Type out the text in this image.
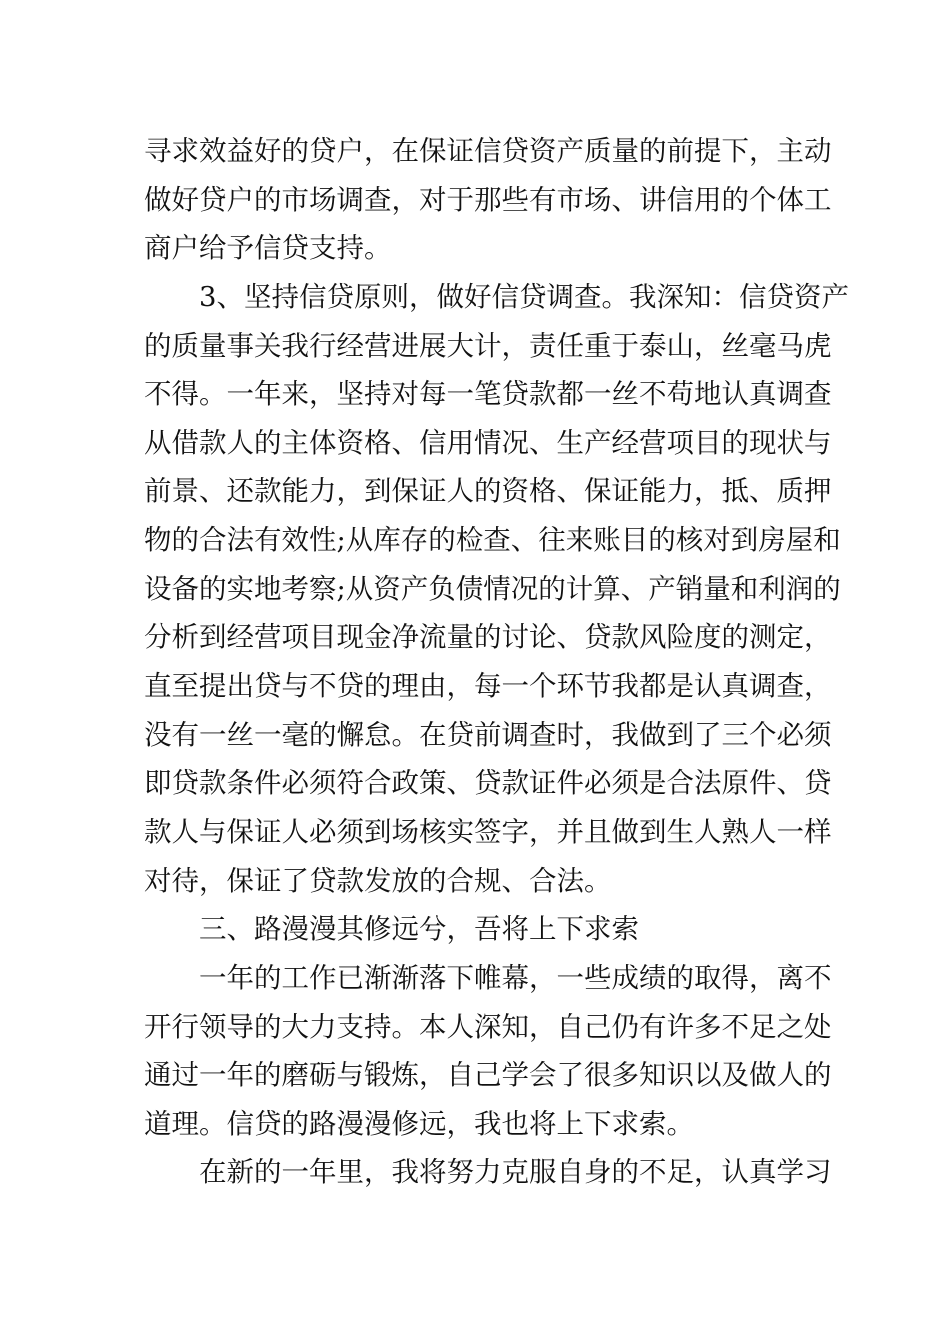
寻求效益好的贷户，在保证信贷资产质量的前提下，主动
做好贷户的市场调查，对于那些有市场、讲信用的个体工
商户给予信贷支持。
3、坚持信贷原则，做好信贷调查。我深知：信贷资产
的质量事关我行经营进展大计，责任重于泰山，丝毫马虎
不得。一年来，坚持对每一笔贷款都一丝不苟地认真调查
从借款人的主体资格、信用情况、生产经营项目的现状与
前景、还款能力，到保证人的资格、保证能力，抵、质押
物的合法有效性;从库存的检查、往来账目的核对到房屋和
设备的实地考察;从资产负债情况的计算、产销量和利润的
分析到经营项目现金净流量的讨论、贷款风险度的测定，
直至提出贷与不贷的理由，每一个环节我都是认真调查，
没有一丝一毫的懈怠。在贷前调查时，我做到了三个必须
即贷款条件必须符合政策、贷款证件必须是合法原件、贷
款人与保证人必须到场核实签字，并且做到生人熟人一样
对待，保证了贷款发放的合规、合法。
三、路漫漫其修远兮，吾将上下求索
一年的工作已渐渐落下帷幕，一些成绩的取得，离不
开行领导的大力支持。本人深知，自己仍有许多不足之处
通过一年的磨砺与锻炼，自己学会了很多知识以及做人的
道理。信贷的路漫漫修远，我也将上下求索。
在新的一年里，我将努力克服自身的不足，认真学习
